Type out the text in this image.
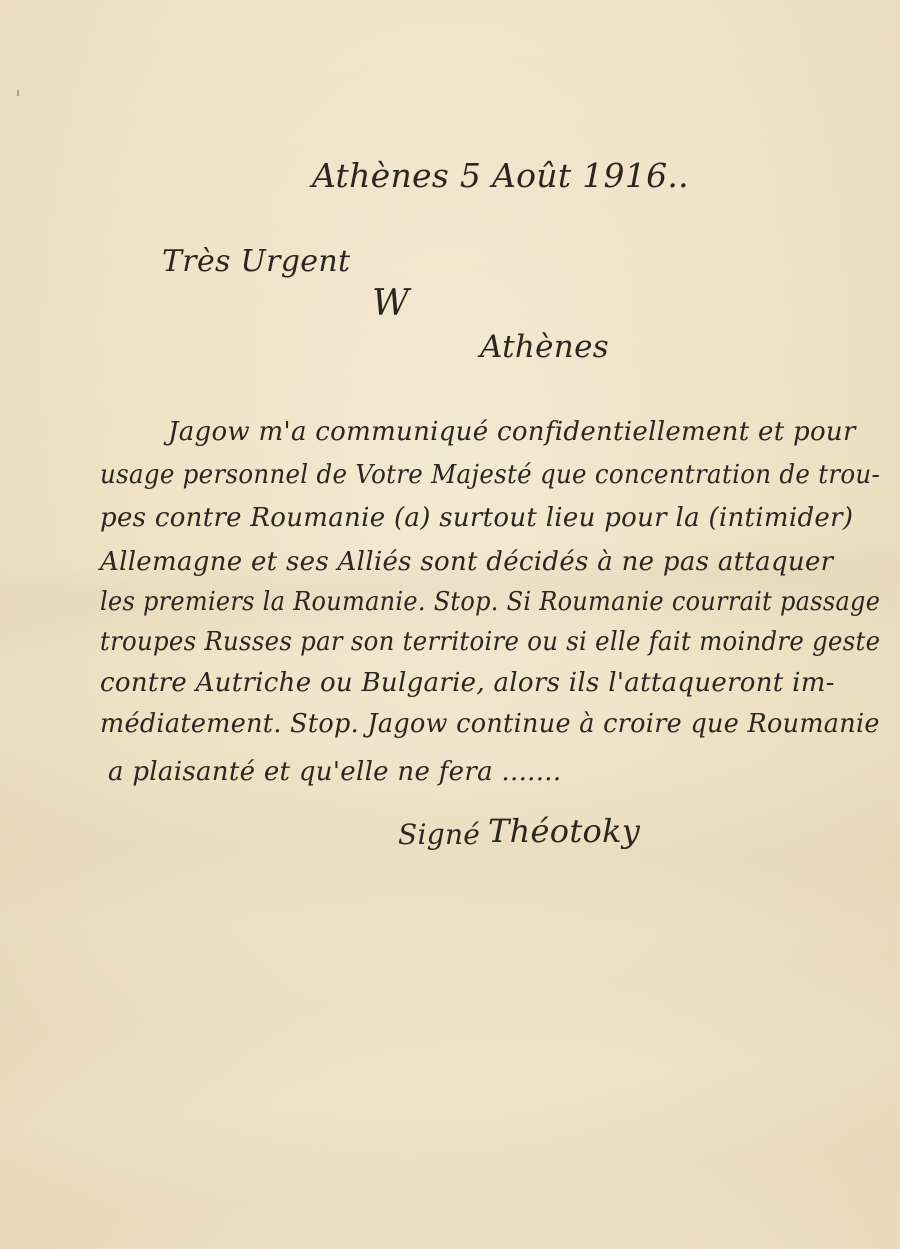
Athènes 5 Août 1916..
Très Urgent
W
Athènes
Jagow m'a communiqué confidentiellement et pour
usage personnel de Votre Majesté que concentration de trou-
pes contre Roumanie (a) surtout lieu pour la (intimider)
Allemagne et ses Alliés sont décidés à ne pas attaquer
les premiers la Roumanie. Stop. Si Roumanie courrait passage
troupes Russes par son territoire ou si elle fait moindre geste
contre Autriche ou Bulgarie, alors ils l'attaqueront im-
médiatement. Stop. Jagow continue à croire que Roumanie
a plaisanté et qu'elle ne fera .......
Signé Théotoky
